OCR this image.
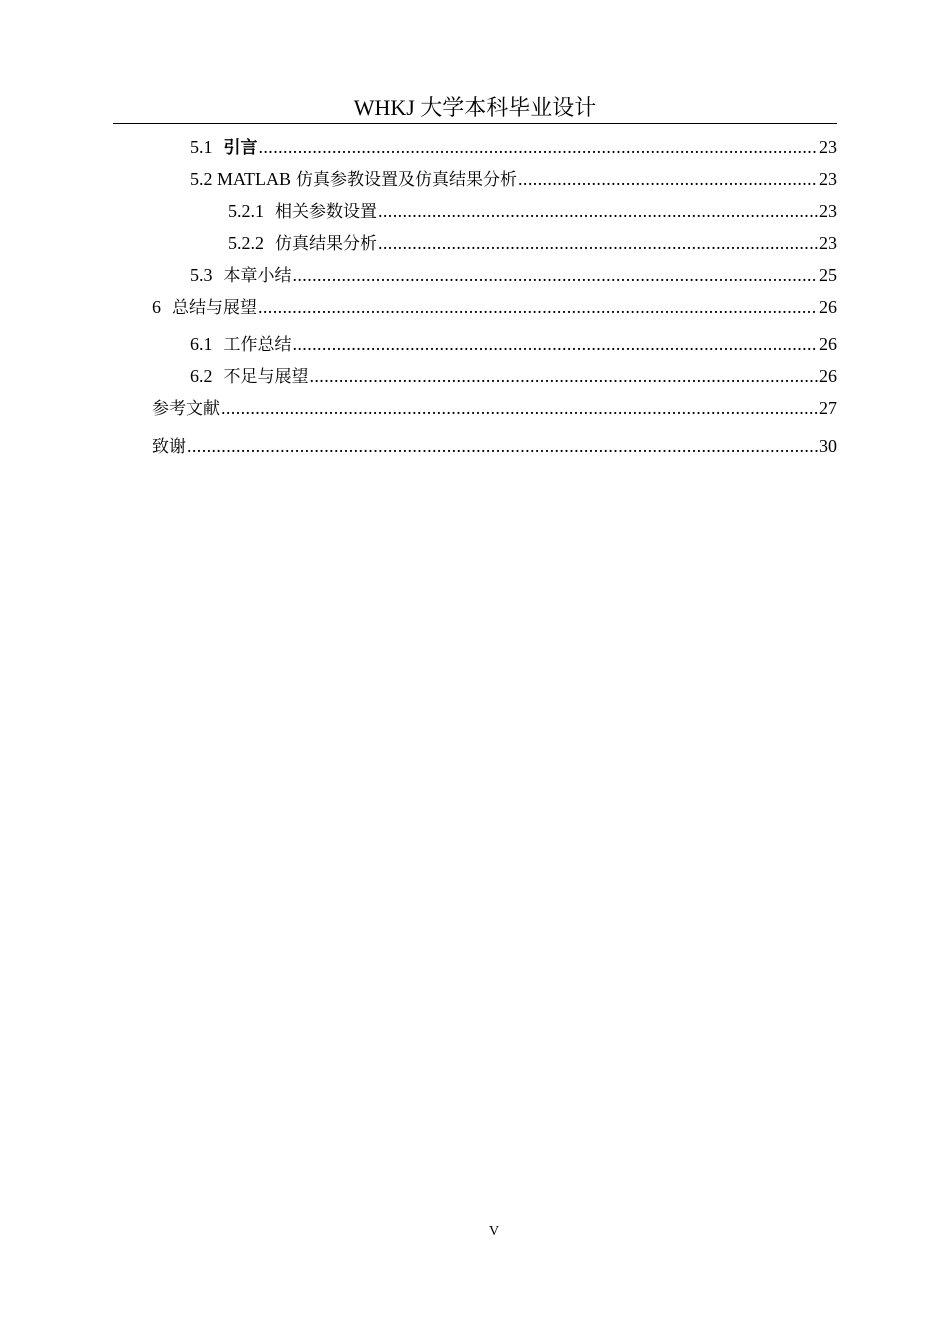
WHKJ 大学本科毕业设计
5.1 引言 .....	23
5.2 MATLAB 仿真参教设置及仿真结果分析 .....	23
5.2.1 相关参数设置 .....	23
5.2.2 仿真结果分析 .....	23
5.3 本章小结 .....	25
6 总结与展望 .....	26
6.1 工作总结 .....	26
6.2 不足与展望 .....	26
参考文献 .....	27
致谢 .....	30
V
